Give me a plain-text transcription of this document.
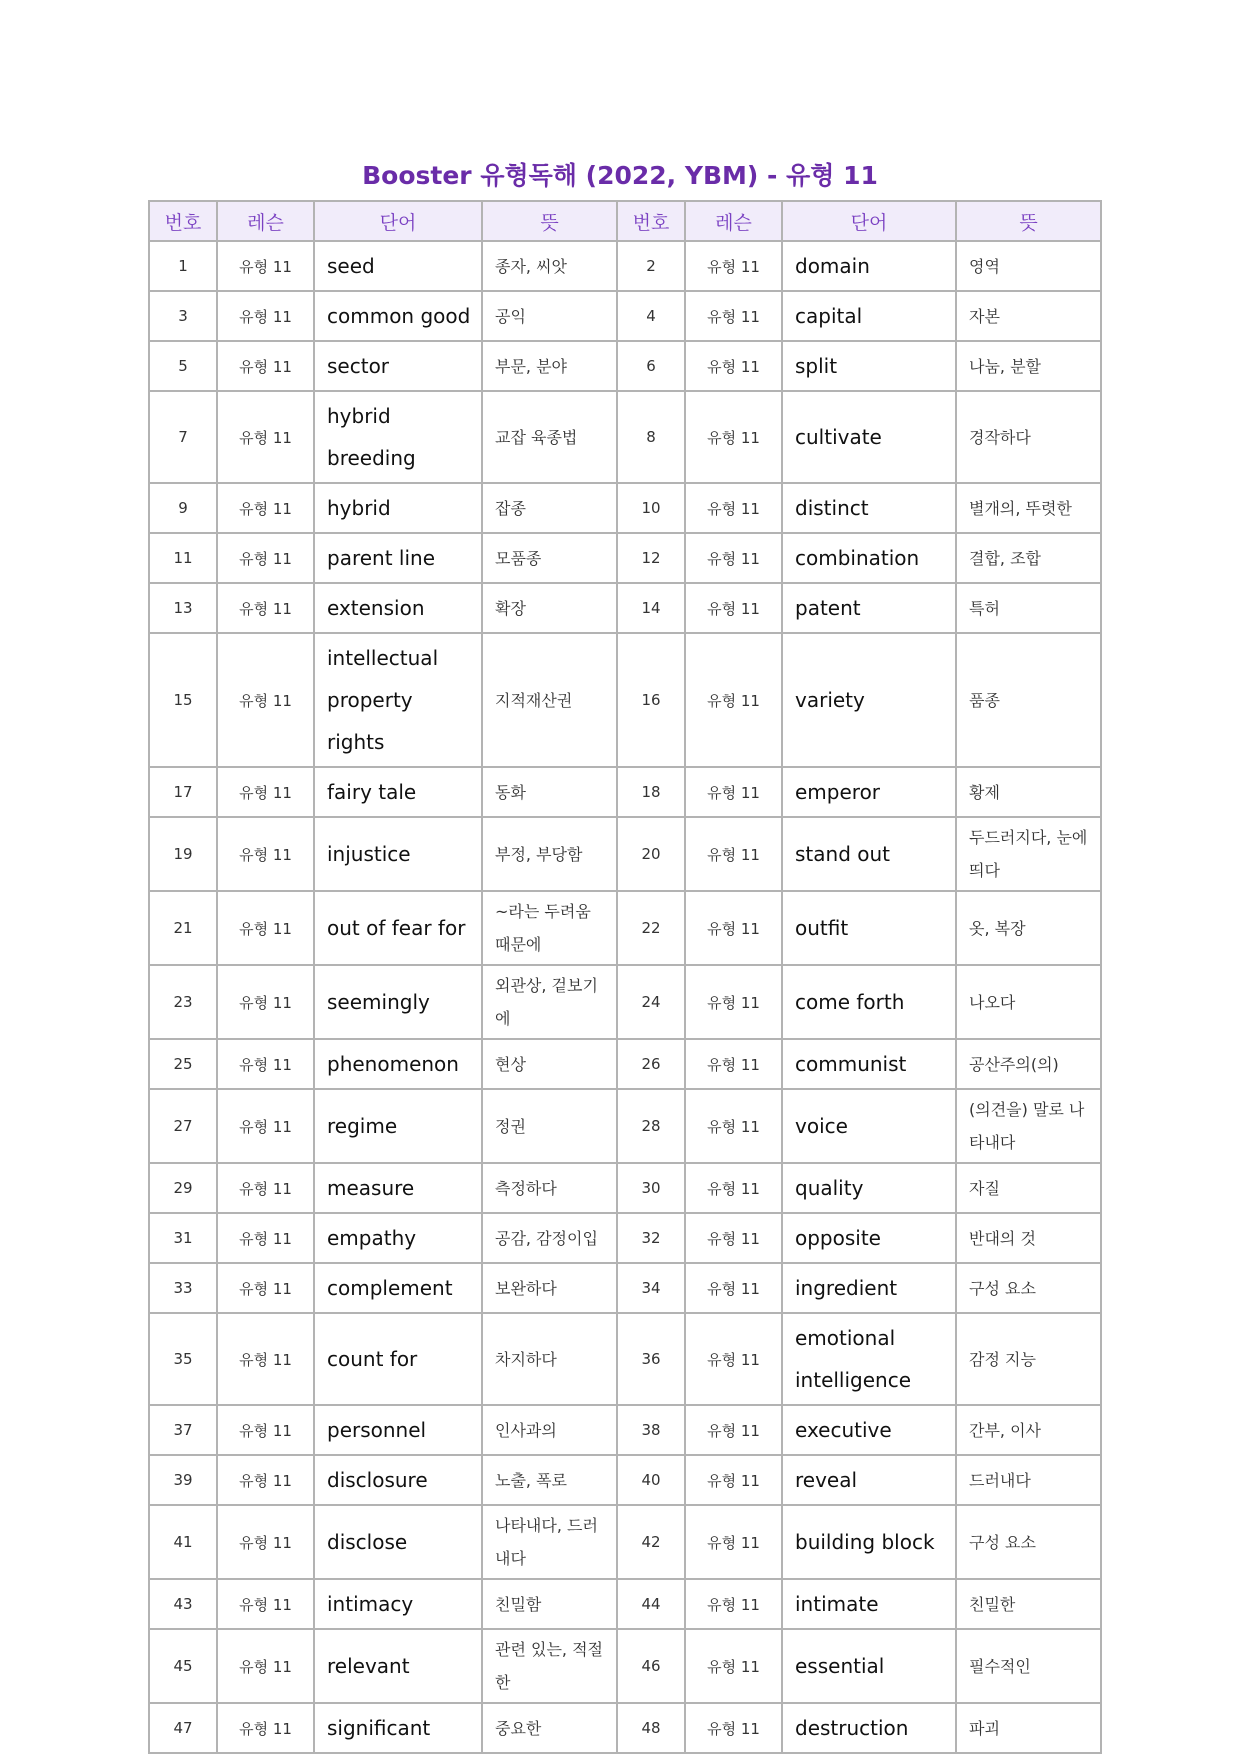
Booster 유형독해 (2022, YBM) - 유형 11
번호	레슨	단어	뜻	번호	레슨	단어	뜻
1	유형 11	seed	종자, 씨앗	2	유형 11	domain	영역
3	유형 11	common good	공익	4	유형 11	capital	자본
5	유형 11	sector	부문, 분야	6	유형 11	split	나눔, 분할
7	유형 11	hybrid breeding	교잡 육종법	8	유형 11	cultivate	경작하다
9	유형 11	hybrid	잡종	10	유형 11	distinct	별개의, 뚜렷한
11	유형 11	parent line	모품종	12	유형 11	combination	결합, 조합
13	유형 11	extension	확장	14	유형 11	patent	특허
15	유형 11	intellectual property rights	지적재산권	16	유형 11	variety	품종
17	유형 11	fairy tale	동화	18	유형 11	emperor	황제
19	유형 11	injustice	부정, 부당함	20	유형 11	stand out	두드러지다, 눈에 띄다
21	유형 11	out of fear for	~라는 두려움 때문에	22	유형 11	outfit	옷, 복장
23	유형 11	seemingly	외관상, 겉보기에	24	유형 11	come forth	나오다
25	유형 11	phenomenon	현상	26	유형 11	communist	공산주의(의)
27	유형 11	regime	정권	28	유형 11	voice	(의견을) 말로 나타내다
29	유형 11	measure	측정하다	30	유형 11	quality	자질
31	유형 11	empathy	공감, 감정이입	32	유형 11	opposite	반대의 것
33	유형 11	complement	보완하다	34	유형 11	ingredient	구성 요소
35	유형 11	count for	차지하다	36	유형 11	emotional intelligence	감정 지능
37	유형 11	personnel	인사과의	38	유형 11	executive	간부, 이사
39	유형 11	disclosure	노출, 폭로	40	유형 11	reveal	드러내다
41	유형 11	disclose	나타내다, 드러내다	42	유형 11	building block	구성 요소
43	유형 11	intimacy	친밀함	44	유형 11	intimate	친밀한
45	유형 11	relevant	관련 있는, 적절한	46	유형 11	essential	필수적인
47	유형 11	significant	중요한	48	유형 11	destruction	파괴
